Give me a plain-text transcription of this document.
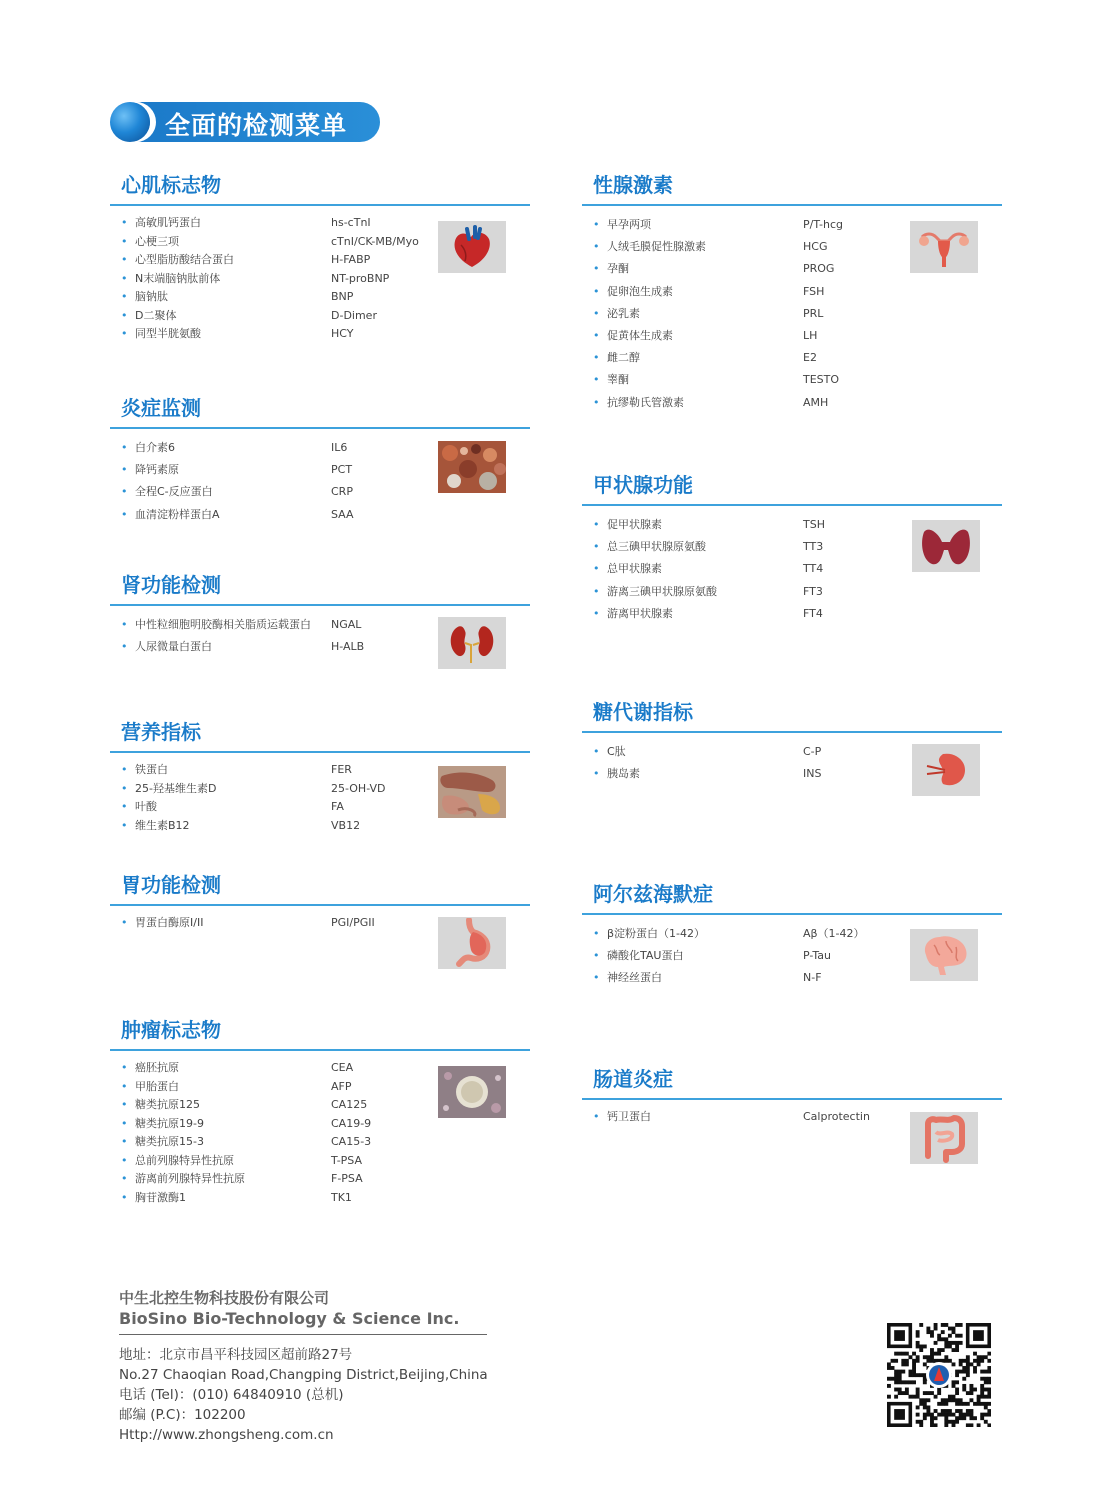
全面的检测菜单
心肌标志物
• 高敏肌钙蛋白	hs-cTnI
• 心梗三项	cTnI/CK-MB/Myo
• 心型脂肪酸结合蛋白	H-FABP
• N末端脑钠肽前体	NT-proBNP
• 脑钠肽	BNP
• D二聚体	D-Dimer
• 同型半胱氨酸	HCY
炎症监测
• 白介素6	IL6
• 降钙素原	PCT
• 全程C-反应蛋白	CRP
• 血清淀粉样蛋白A	SAA
肾功能检测
• 中性粒细胞明胶酶相关脂质运载蛋白 NGAL
• 人尿微量白蛋白	H-ALB
营养指标
• 铁蛋白	FER
• 25-羟基维生素D	25-OH-VD
• 叶酸	FA
• 维生素B12	VB12
胃功能检测
• 胃蛋白酶原I/II	PGI/PGII
肿瘤标志物
• 癌胚抗原	CEA
• 甲胎蛋白	AFP
• 糖类抗原125	CA125
• 糖类抗原19-9	CA19-9
• 糖类抗原15-3	CA15-3
• 总前列腺特异性抗原	T-PSA
• 游离前列腺特异性抗原	F-PSA
• 胸苷激酶1	TK1
性腺激素
• 早孕两项	P/T-hcg
• 人绒毛膜促性腺激素	HCG
• 孕酮	PROG
• 促卵泡生成素	FSH
• 泌乳素	PRL
• 促黄体生成素	LH
• 雌二醇	E2
• 睾酮	TESTO
• 抗缪勒氏管激素	AMH
甲状腺功能
• 促甲状腺素	TSH
• 总三碘甲状腺原氨酸	TT3
• 总甲状腺素	TT4
• 游离三碘甲状腺原氨酸	FT3
• 游离甲状腺素	FT4
糖代谢指标
• C肽	C-P
• 胰岛素	INS
阿尔兹海默症
• β淀粉蛋白（1-42）	Aβ（1-42）
• 磷酸化TAU蛋白	P-Tau
• 神经丝蛋白	N-F
肠道炎症
• 钙卫蛋白	Calprotectin
中生北控生物科技股份有限公司
BioSino Bio-Technology & Science Inc.
地址：北京市昌平科技园区超前路27号
No.27 Chaoqian Road,Changping District,Beijing,China
电话 (Tel)：(010) 64840910 (总机)
邮编 (P.C)：102200
Http://www.zhongsheng.com.cn
